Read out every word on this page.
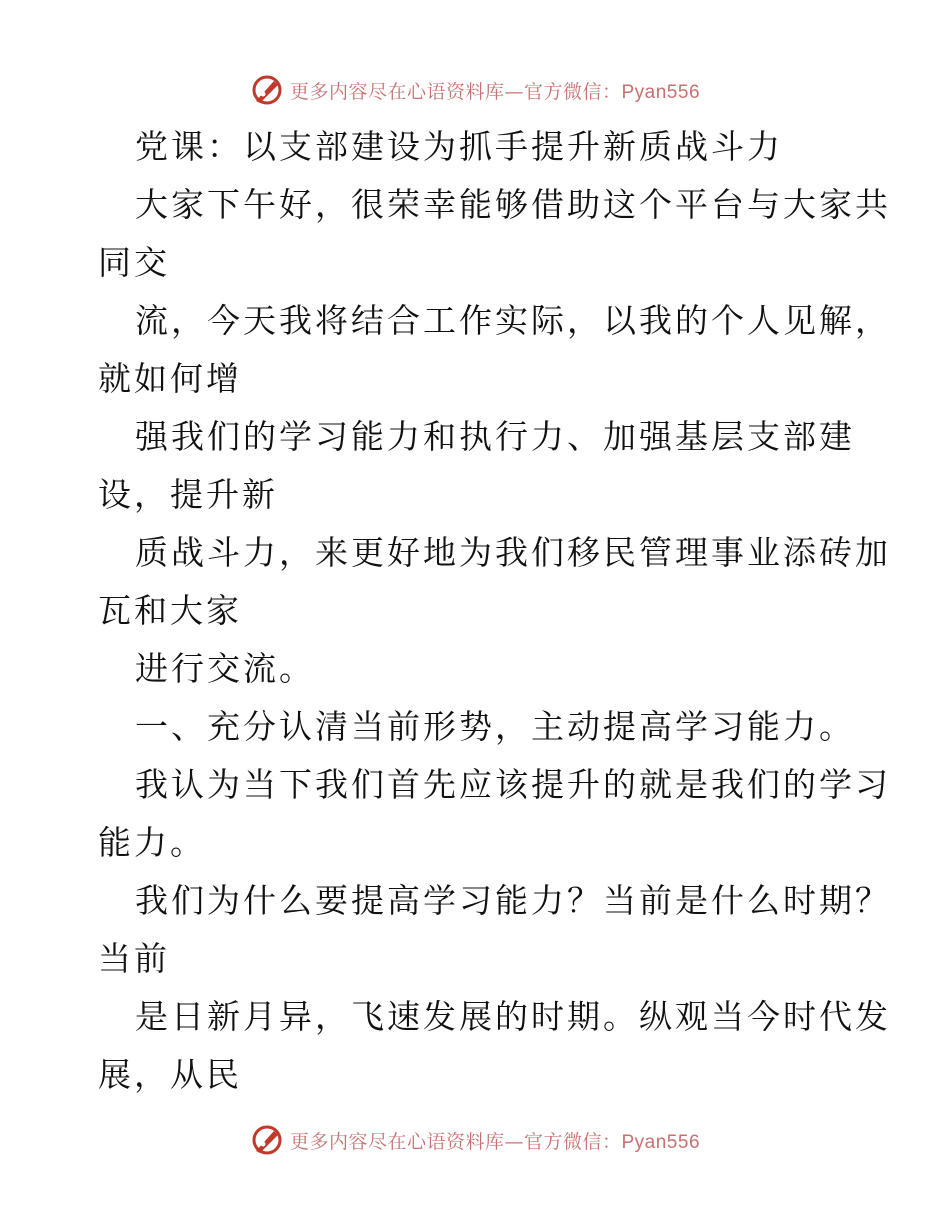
更多内容尽在心语资料库—官方微信：Pyan556
党课：以支部建设为抓手提升新质战斗力
大家下午好，很荣幸能够借助这个平台与大家共
同交
流，今天我将结合工作实际，以我的个人见解，
就如何增
强我们的学习能力和执行力、加强基层支部建
设，提升新
质战斗力，来更好地为我们移民管理事业添砖加
瓦和大家
进行交流。
一、充分认清当前形势，主动提高学习能力。
我认为当下我们首先应该提升的就是我们的学习
能力。
我们为什么要提高学习能力？当前是什么时期？
当前
是日新月异，飞速发展的时期。纵观当今时代发
展，从民
更多内容尽在心语资料库—官方微信：Pyan556
